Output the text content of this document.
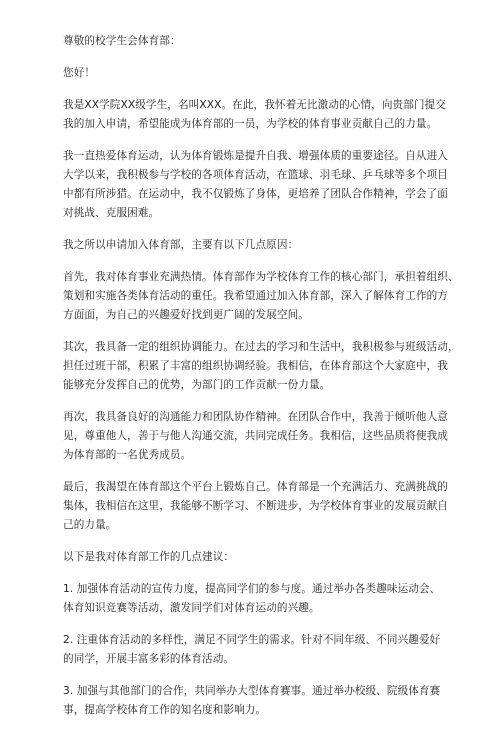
尊敬的校学生会体育部：
您好！
我是XX学院XX级学生，名叫XXX。在此，我怀着无比激动的心情，向贵部门提交
我的加入申请，希望能成为体育部的一员，为学校的体育事业贡献自己的力量。
我一直热爱体育运动，认为体育锻炼是提升自我、增强体质的重要途径。自从进入
大学以来，我积极参与学校的各项体育活动，在篮球、羽毛球、乒乓球等多个项目
中都有所涉猎。在运动中，我不仅锻炼了身体，更培养了团队合作精神，学会了面
对挑战、克服困难。
我之所以申请加入体育部，主要有以下几点原因：
首先，我对体育事业充满热情。体育部作为学校体育工作的核心部门，承担着组织、
策划和实施各类体育活动的重任。我希望通过加入体育部，深入了解体育工作的方
方面面，为自己的兴趣爱好找到更广阔的发展空间。
其次，我具备一定的组织协调能力。在过去的学习和生活中，我积极参与班级活动，
担任过班干部，积累了丰富的组织协调经验。我相信，在体育部这个大家庭中，我
能够充分发挥自己的优势，为部门的工作贡献一份力量。
再次，我具备良好的沟通能力和团队协作精神。在团队合作中，我善于倾听他人意
见，尊重他人，善于与他人沟通交流，共同完成任务。我相信，这些品质将使我成
为体育部的一名优秀成员。
最后，我渴望在体育部这个平台上锻炼自己。体育部是一个充满活力、充满挑战的
集体，我相信在这里，我能够不断学习、不断进步，为学校体育事业的发展贡献自
己的力量。
以下是我对体育部工作的几点建议：
1. 加强体育活动的宣传力度，提高同学们的参与度。通过举办各类趣味运动会、
体育知识竞赛等活动，激发同学们对体育运动的兴趣。
2. 注重体育活动的多样性，满足不同学生的需求。针对不同年级、不同兴趣爱好
的同学，开展丰富多彩的体育活动。
3. 加强与其他部门的合作，共同举办大型体育赛事。通过举办校级、院级体育赛
事，提高学校体育工作的知名度和影响力。
